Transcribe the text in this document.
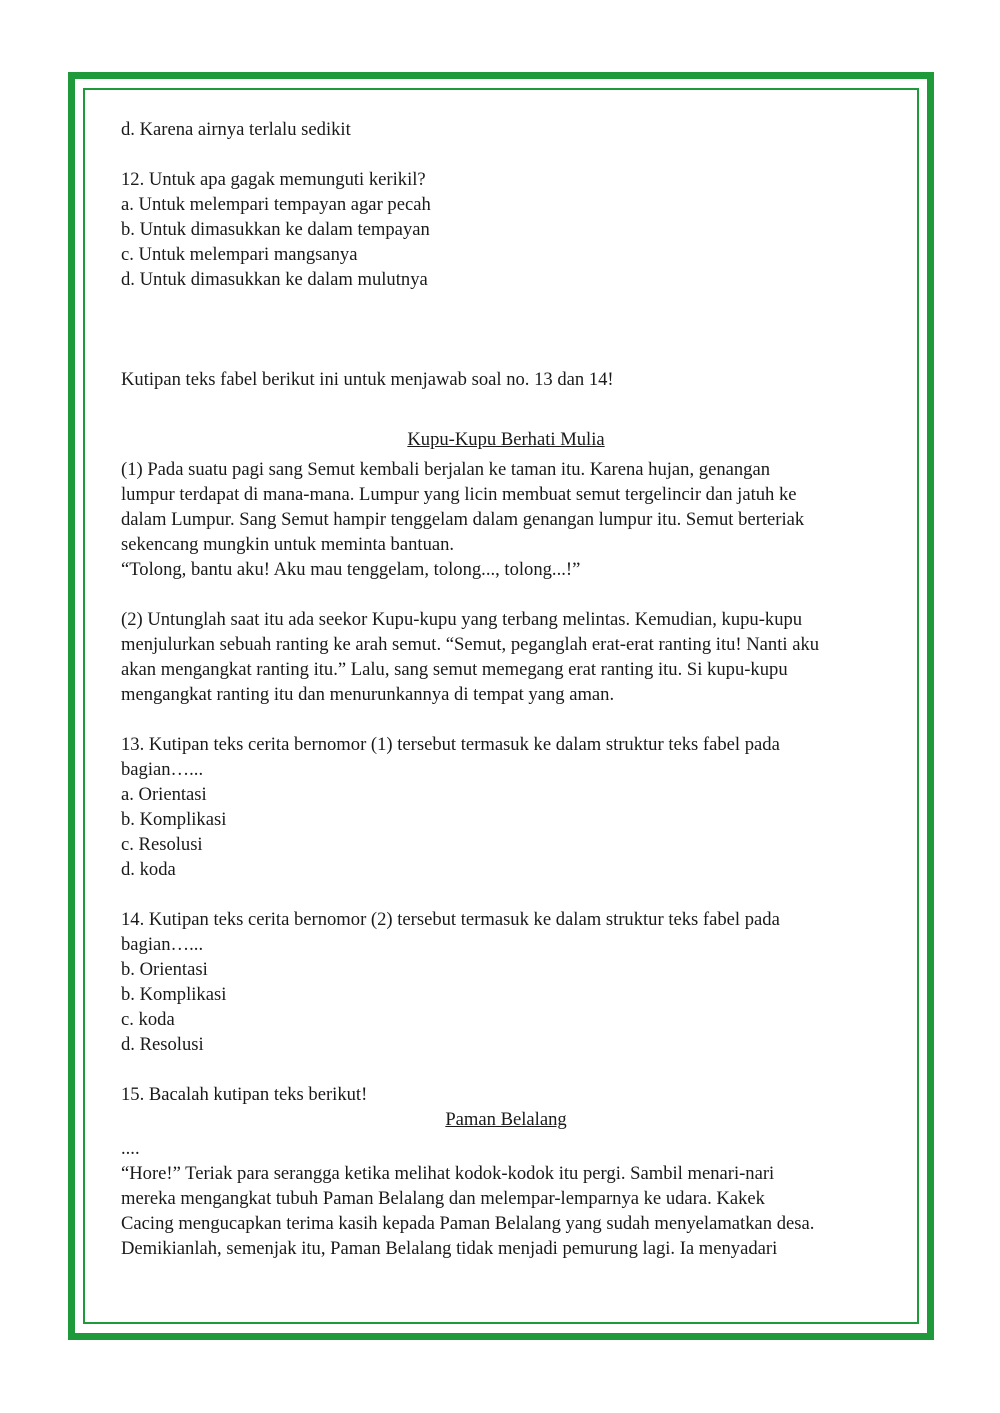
d. Karena airnya terlalu sedikit
12. Untuk apa gagak memunguti kerikil?
a. Untuk melempari tempayan agar pecah
b. Untuk dimasukkan ke dalam tempayan
c. Untuk melempari mangsanya
d. Untuk dimasukkan ke dalam mulutnya
Kutipan teks fabel berikut ini untuk menjawab soal no. 13 dan 14!
Kupu-Kupu Berhati Mulia
(1) Pada suatu pagi sang Semut kembali berjalan ke taman itu. Karena hujan, genangan
lumpur terdapat di mana-mana. Lumpur yang licin membuat semut tergelincir dan jatuh ke
dalam Lumpur. Sang Semut hampir tenggelam dalam genangan lumpur itu. Semut berteriak
sekencang mungkin untuk meminta bantuan.
“Tolong, bantu aku! Aku mau tenggelam, tolong..., tolong...!”
(2) Untunglah saat itu ada seekor Kupu-kupu yang terbang melintas. Kemudian, kupu-kupu
menjulurkan sebuah ranting ke arah semut. “Semut, peganglah erat-erat ranting itu! Nanti aku
akan mengangkat ranting itu.” Lalu, sang semut memegang erat ranting itu. Si kupu-kupu
mengangkat ranting itu dan menurunkannya di tempat yang aman.
13. Kutipan teks cerita bernomor (1) tersebut termasuk ke dalam struktur teks fabel pada
bagian…...
a. Orientasi
b. Komplikasi
c. Resolusi
d. koda
14. Kutipan teks cerita bernomor (2) tersebut termasuk ke dalam struktur teks fabel pada
bagian…...
b. Orientasi
b. Komplikasi
c. koda
d. Resolusi
15. Bacalah kutipan teks berikut!
Paman Belalang
....
“Hore!” Teriak para serangga ketika melihat kodok-kodok itu pergi. Sambil menari-nari
mereka mengangkat tubuh Paman Belalang dan melempar-lemparnya ke udara. Kakek
Cacing mengucapkan terima kasih kepada Paman Belalang yang sudah menyelamatkan desa.
Demikianlah, semenjak itu, Paman Belalang tidak menjadi pemurung lagi. Ia menyadari
